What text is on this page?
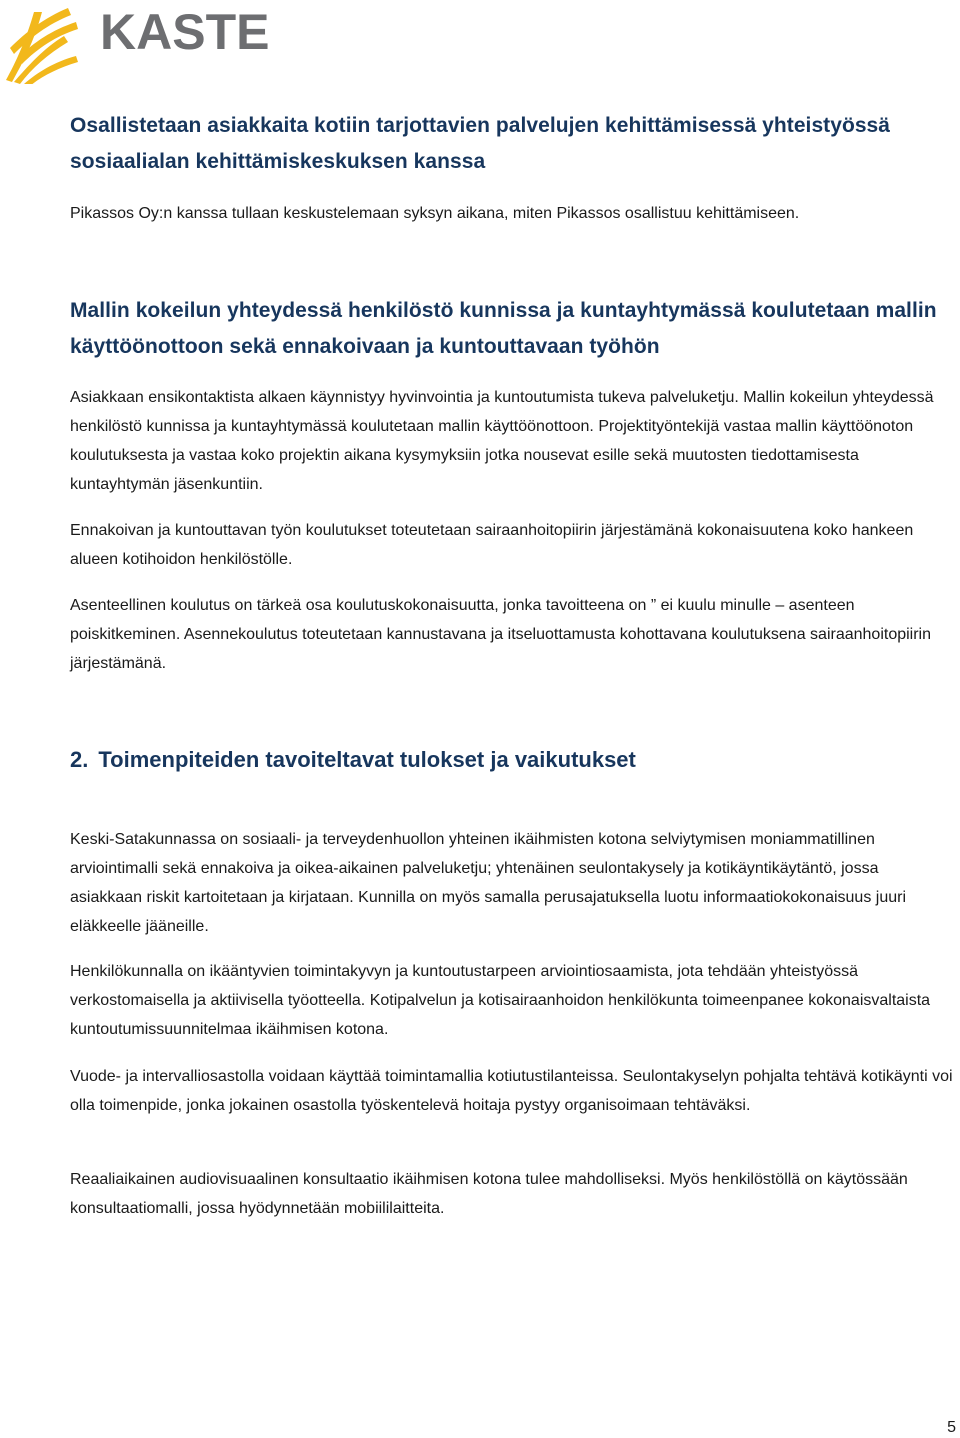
KASTE
Osallistetaan asiakkaita kotiin tarjottavien palvelujen kehittämisessä yhteistyössä sosiaalialan kehittämiskeskuksen kanssa

Pikassos Oy:n kanssa tullaan keskustelemaan syksyn aikana, miten Pikassos osallistuu kehittämiseen.

Mallin kokeilun yhteydessä henkilöstö kunnissa ja kuntayhtymässä koulutetaan mallin käyttöönottoon sekä ennakoivaan ja kuntouttavaan työhön

Asiakkaan ensikontaktista alkaen käynnistyy hyvinvointia ja kuntoutumista tukeva palveluketju. Mallin kokeilun yhteydessä henkilöstö kunnissa ja kuntayhtymässä koulutetaan mallin käyttöönottoon. Projektityöntekijä vastaa mallin käyttöönoton koulutuksesta ja vastaa koko projektin aikana kysymyksiin jotka nousevat esille sekä muutosten tiedottamisesta kuntayhtymän jäsenkuntiin.

Ennakoivan ja kuntouttavan työn koulutukset toteutetaan sairaanhoitopiirin järjestämänä kokonaisuutena koko hankeen alueen kotihoidon henkilöstölle.

Asenteellinen koulutus on tärkeä osa koulutuskokonaisuutta, jonka tavoitteena on ” ei kuulu minulle – asenteen poiskitkeminen. Asennekoulutus toteutetaan kannustavana ja itseluottamusta kohottavana koulutuksena sairaanhoitopiirin järjestämänä.

2. Toimenpiteiden tavoiteltavat tulokset ja vaikutukset

Keski-Satakunnassa on sosiaali- ja terveydenhuollon yhteinen ikäihmisten kotona selviytymisen moniammatillinen arviointimalli sekä ennakoiva ja oikea-aikainen palveluketju; yhtenäinen seulontakysely ja kotikäyntikäytäntö, jossa asiakkaan riskit kartoitetaan ja kirjataan. Kunnilla on myös samalla perusajatuksella luotu informaatiokokonaisuus juuri eläkkeelle jääneille.

Henkilökunnalla on ikääntyvien toimintakyvyn ja kuntoutustarpeen arviointiosaamista, jota tehdään yhteistyössä verkostomaisella ja aktiivisella työotteella. Kotipalvelun ja kotisairaanhoidon henkilökunta toimeenpanee kokonaisvaltaista kuntoutumissuunnitelmaa ikäihmisen kotona.

Vuode- ja intervalliosastolla voidaan käyttää toimintamallia kotiutustilanteissa. Seulontakyselyn pohjalta tehtävä kotikäynti voi olla toimenpide, jonka jokainen osastolla työskentelevä hoitaja pystyy organisoimaan tehtäväksi.

Reaaliaikainen audiovisuaalinen konsultaatio ikäihmisen kotona tulee mahdolliseksi. Myös henkilöstöllä on käytössään konsultaatiomalli, jossa hyödynnetään mobiililaitteita.

5
